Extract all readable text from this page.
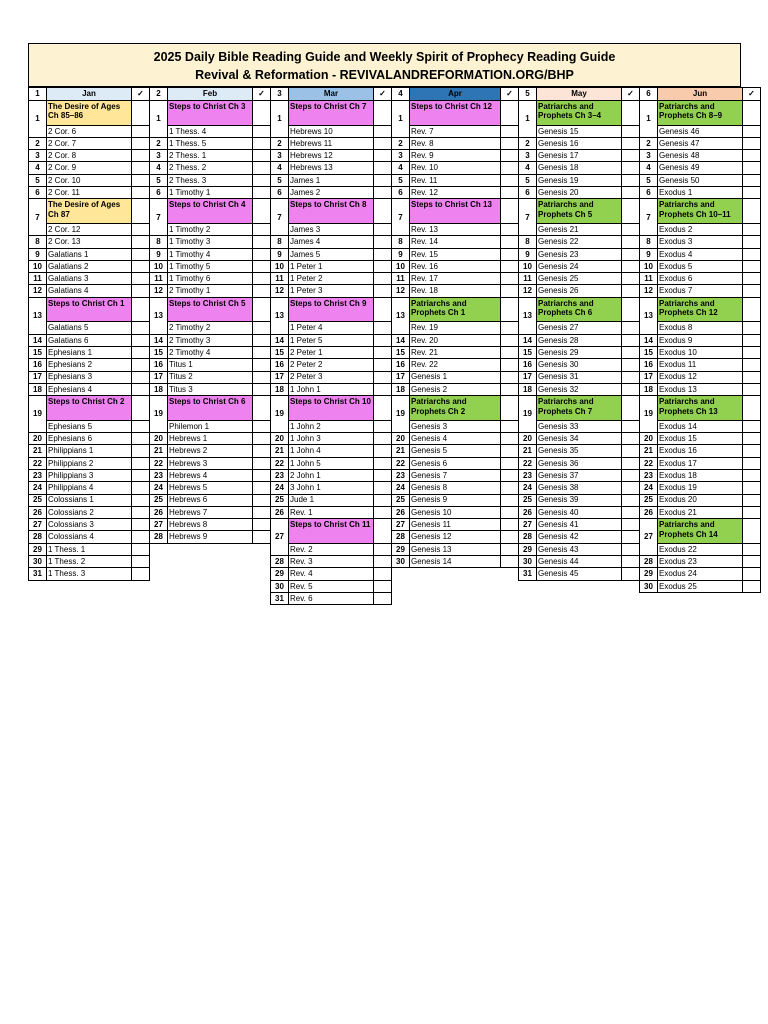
2025 Daily Bible Reading Guide and Weekly Spirit of Prophecy Reading Guide
Revival & Reformation - REVIVALANDREFORMATION.ORG/BHP
1	Jan	✓
1	The Desire of Ages Ch 85–86	
	2 Cor. 6	
2	2 Cor. 7	
3	2 Cor. 8	
4	2 Cor. 9	
5	2 Cor. 10	
6	2 Cor. 11	
7	The Desire of Ages Ch 87	
	2 Cor. 12	
8	2 Cor. 13	
9	Galatians 1	
10	Galatians 2	
11	Galatians 3	
12	Galatians 4	
13	Steps to Christ Ch 1	
	Galatians 5	
14	Galatians 6	
15	Ephesians 1	
16	Ephesians 2	
17	Ephesians 3	
18	Ephesians 4	
19	Steps to Christ Ch 2	
	Ephesians 5	
20	Ephesians 6	
21	Philippians 1	
22	Philippians 2	
23	Philippians 3	
24	Philippians 4	
25	Colossians 1	
26	Colossians 2	
27	Colossians 3	
28	Colossians 4	
29	1 Thess. 1	
30	1 Thess. 2	
31	1 Thess. 3	
2	Feb	✓
1	Steps to Christ Ch 3	
	1 Thess. 4	
2	1 Thess. 5	
3	2 Thess. 1	
4	2 Thess. 2	
5	2 Thess. 3	
6	1 Timothy 1	
7	Steps to Christ Ch 4	
	1 Timothy 2	
8	1 Timothy 3	
9	1 Timothy 4	
10	1 Timothy 5	
11	1 Timothy 6	
12	2 Timothy 1	
13	Steps to Christ Ch 5	
	2 Timothy 2	
14	2 Timothy 3	
15	2 Timothy 4	
16	Titus 1	
17	Titus 2	
18	Titus 3	
19	Steps to Christ Ch 6	
	Philemon 1	
20	Hebrews 1	
21	Hebrews 2	
22	Hebrews 3	
23	Hebrews 4	
24	Hebrews 5	
25	Hebrews 6	
26	Hebrews 7	
27	Hebrews 8	
28	Hebrews 9	
3	Mar	✓
1	Steps to Christ Ch 7	
	Hebrews 10	
2	Hebrews 11	
3	Hebrews 12	
4	Hebrews 13	
5	James 1	
6	James 2	
7	Steps to Christ Ch 8	
	James 3	
8	James 4	
9	James 5	
10	1 Peter 1	
11	1 Peter 2	
12	1 Peter 3	
13	Steps to Christ Ch 9	
	1 Peter 4	
14	1 Peter 5	
15	2 Peter 1	
16	2 Peter 2	
17	2 Peter 3	
18	1 John 1	
19	Steps to Christ Ch 10	
	1 John 2	
20	1 John 3	
21	1 John 4	
22	1 John 5	
23	2 John 1	
24	3 John 1	
25	Jude 1	
26	Rev. 1	
27	Steps to Christ Ch 11	
	Rev. 2	
28	Rev. 3	
29	Rev. 4	
30	Rev. 5	
31	Rev. 6	
4	Apr	✓
1	Steps to Christ Ch 12	
	Rev. 7	
2	Rev. 8	
3	Rev. 9	
4	Rev. 10	
5	Rev. 11	
6	Rev. 12	
7	Steps to Christ Ch 13	
	Rev. 13	
8	Rev. 14	
9	Rev. 15	
10	Rev. 16	
11	Rev. 17	
12	Rev. 18	
13	Patriarchs and Prophets Ch 1	
	Rev. 19	
14	Rev. 20	
15	Rev. 21	
16	Rev. 22	
17	Genesis 1	
18	Genesis 2	
19	Patriarchs and Prophets Ch 2	
	Genesis 3	
20	Genesis 4	
21	Genesis 5	
22	Genesis 6	
23	Genesis 7	
24	Genesis 8	
25	Genesis 9	
26	Genesis 10	
27	Genesis 11	
28	Genesis 12	
29	Genesis 13	
30	Genesis 14	
5	May	✓
1	Patriarchs and Prophets Ch 3–4	
	Genesis 15	
2	Genesis 16	
3	Genesis 17	
4	Genesis 18	
5	Genesis 19	
6	Genesis 20	
7	Patriarchs and Prophets Ch 5	
	Genesis 21	
8	Genesis 22	
9	Genesis 23	
10	Genesis 24	
11	Genesis 25	
12	Genesis 26	
13	Patriarchs and Prophets Ch 6	
	Genesis 27	
14	Genesis 28	
15	Genesis 29	
16	Genesis 30	
17	Genesis 31	
18	Genesis 32	
19	Patriarchs and Prophets Ch 7	
	Genesis 33	
20	Genesis 34	
21	Genesis 35	
22	Genesis 36	
23	Genesis 37	
24	Genesis 38	
25	Genesis 39	
26	Genesis 40	
27	Genesis 41	
28	Genesis 42	
29	Genesis 43	
30	Genesis 44	
31	Genesis 45	
6	Jun	✓
1	Patriarchs and Prophets Ch 8–9	
	Genesis 46	
2	Genesis 47	
3	Genesis 48	
4	Genesis 49	
5	Genesis 50	
6	Exodus 1	
7	Patriarchs and Prophets Ch 10–11	
	Exodus 2	
8	Exodus 3	
9	Exodus 4	
10	Exodus 5	
11	Exodus 6	
12	Exodus 7	
13	Patriarchs and Prophets Ch 12	
	Exodus 8	
14	Exodus 9	
15	Exodus 10	
16	Exodus 11	
17	Exodus 12	
18	Exodus 13	
19	Patriarchs and Prophets Ch 13	
	Exodus 14	
20	Exodus 15	
21	Exodus 16	
22	Exodus 17	
23	Exodus 18	
24	Exodus 19	
25	Exodus 20	
26	Exodus 21	
27	Patriarchs and Prophets Ch 14	
	Exodus 22	
28	Exodus 23	
29	Exodus 24	
30	Exodus 25	
